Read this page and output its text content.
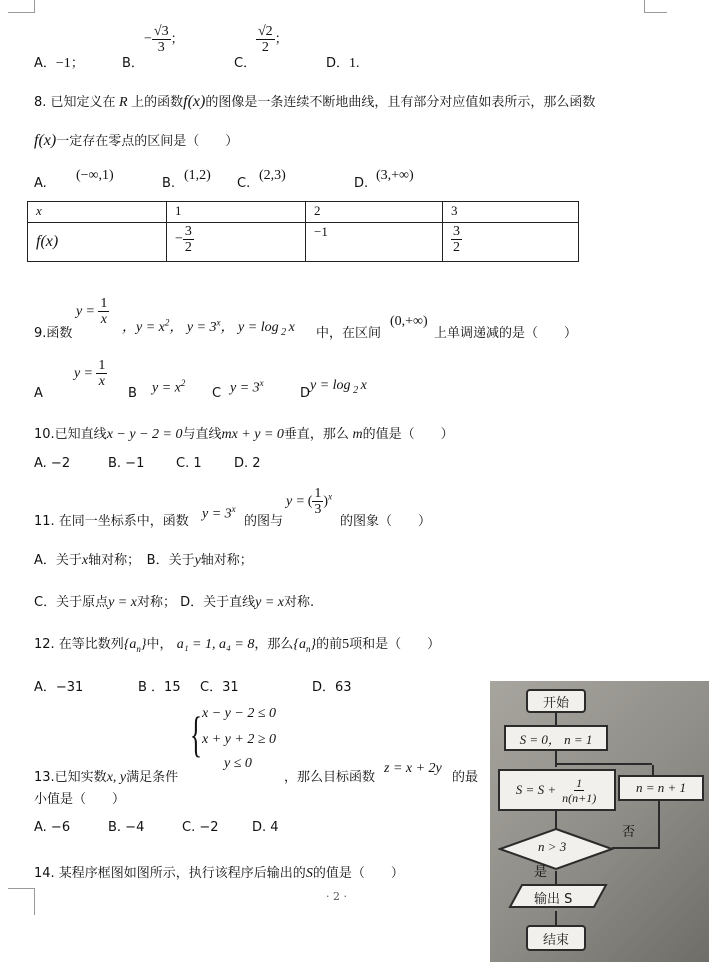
A．−1；	B．
− $\frac{√3}{3}$ ；
C．
$\frac{√2}{2}$ ；
D．1.
8. 已知定义在 R 上的函数f(x)的图像是一条连续不断地曲线，且有部分对应值如表所示，那么函数
f(x)一定存在零点的区间是（　　）
A.
(−∞,1)
B.
(1,2)
C.
(2,3)
D.
(3,+∞)
x	1	2	3
f(x)	− $\frac{3}{2}$	−1	$\frac{3}{2}$
9.函数
$y = \frac{1}{x}$
，$y = x^2$， $y = 3^x$， y = log $_2$ x 中，在区间
(0,+∞)
上单调递减的是（　　）
A
$y = \frac{1}{x}$
B $y = x^2$
C $y = 3^x$
D
y = log $_2$ x
10.已知直线x − y − 2 = 0与直线mx + y = 0垂直，那么 m的值是（　　）
A. −2	B. −1 C. 1 D. 2
11. 在同一坐标系中，函数 $y = 3^x$
的图与
y = ( $\frac{1}{3} )^x$
的图象（　　）
A．关于x轴对称；　 B．关于y轴对称；
C．关于原点y = x对称； D．关于直线y = x对称.
12. 在等比数列$\{a_n\}$中， a₁ = 1, a₄ = 8，那么$\{a_n\}$的前5项和是（　　）
A．−31	B ．15 C．31	D．63
13.已知实数x, y满足条件
{ x − y − 2 ≤ 0
x + y + 2 ≥ 0
y ≤ 0
，那么目标函数
z = x + 2y
的最
小值是（　　）
A. −6	B. −4	C. −2	D. 4
14. 某程序框图如图所示，执行该程序后输出的S的值是（　　）
· 2 ·
开始
S = 0， n = 1
$S = S + \frac{1}{n(n+1)}$	n = n + 1
n > 3
否
是
输出 S
结束
